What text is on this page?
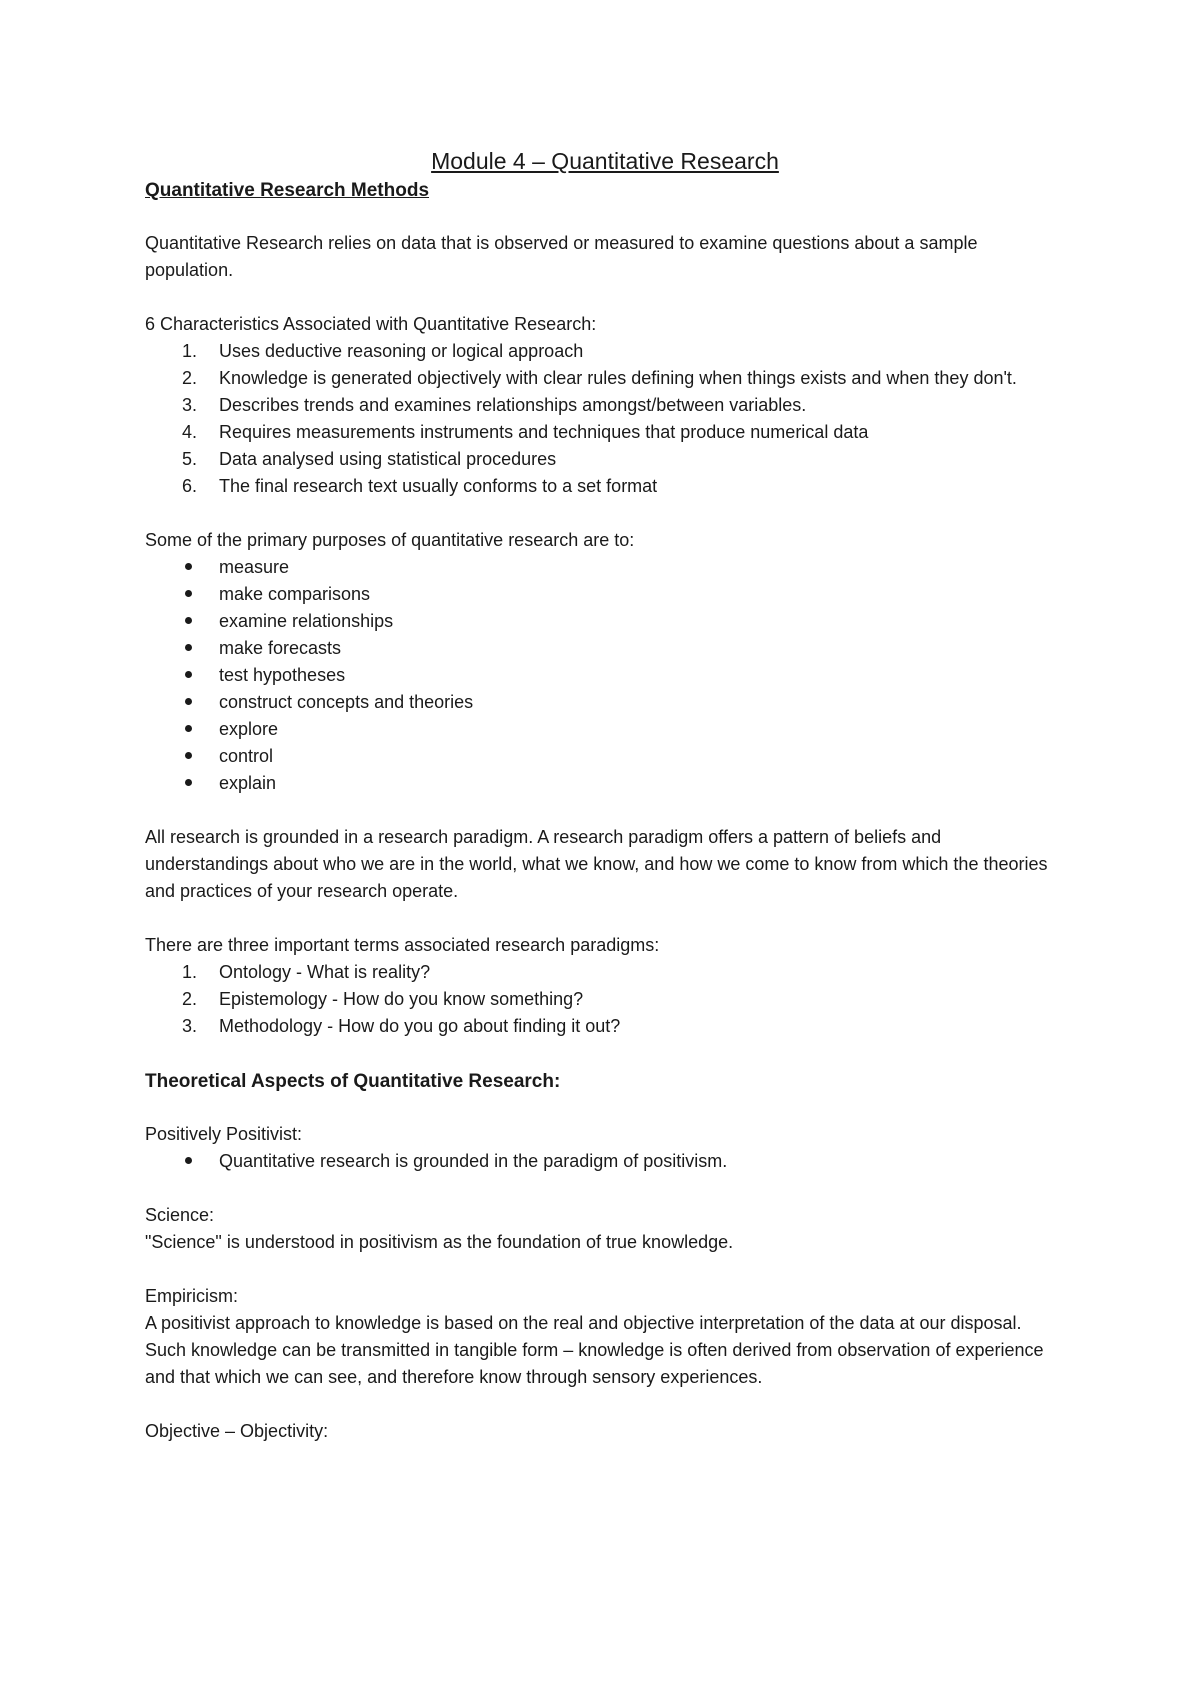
Module 4 – Quantitative Research
Quantitative Research Methods

Quantitative Research relies on data that is observed or measured to examine questions about a sample population.

6 Characteristics Associated with Quantitative Research:

1. Uses deductive reasoning or logical approach
2. Knowledge is generated objectively with clear rules defining when things exists and when they don't.
3. Describes trends and examines relationships amongst/between variables.
4. Requires measurements instruments and techniques that produce numerical data
5. Data analysed using statistical procedures
6. The final research text usually conforms to a set format

Some of the primary purposes of quantitative research are to:

measure
make comparisons
examine relationships
make forecasts
test hypotheses
construct concepts and theories
explore
control
explain

All research is grounded in a research paradigm. A research paradigm offers a pattern of beliefs and understandings about who we are in the world, what we know, and how we come to know from which the theories and practices of your research operate.

There are three important terms associated research paradigms:

1. Ontology - What is reality?
2. Epistemology - How do you know something?
3. Methodology - How do you go about finding it out?
Theoretical Aspects of Quantitative Research:

Positively Positivist:

Quantitative research is grounded in the paradigm of positivism.

Science:

"Science" is understood in positivism as the foundation of true knowledge.

Empiricism:

A positivist approach to knowledge is based on the real and objective interpretation of the data at our disposal. Such knowledge can be transmitted in tangible form – knowledge is often derived from observation of experience and that which we can see, and therefore know through sensory experiences.

Objective – Objectivity:
